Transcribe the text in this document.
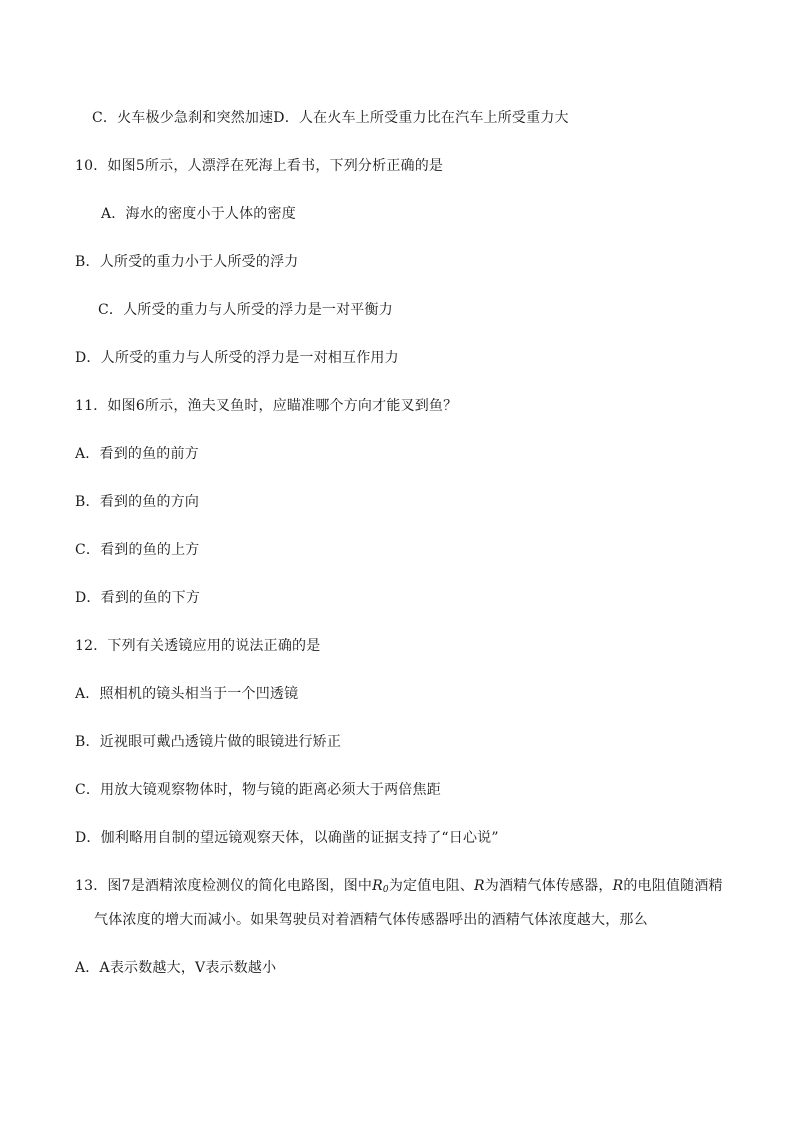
C．火车极少急刹和突然加速D．人在火车上所受重力比在汽车上所受重力大
10．如图5所示，人漂浮在死海上看书，下列分析正确的是
A．海水的密度小于人体的密度
B．人所受的重力小于人所受的浮力
C．人所受的重力与人所受的浮力是一对平衡力
D．人所受的重力与人所受的浮力是一对相互作用力
11．如图6所示，渔夫叉鱼时，应瞄准哪个方向才能叉到鱼？
A．看到的鱼的前方
B．看到的鱼的方向
C．看到的鱼的上方
D．看到的鱼的下方
12．下列有关透镜应用的说法正确的是
A．照相机的镜头相当于一个凹透镜
B．近视眼可戴凸透镜片做的眼镜进行矫正
C．用放大镜观察物体时，物与镜的距离必须大于两倍焦距
D．伽利略用自制的望远镜观察天体，以确凿的证据支持了“日心说”
13．图7是酒精浓度检测仪的简化电路图，图中$R_0$为定值电阻、R为酒精气体传感器，R的电阻值随酒精
气体浓度的增大而减小。如果驾驶员对着酒精气体传感器呼出的酒精气体浓度越大，那么
A．A表示数越大，V表示数越小
